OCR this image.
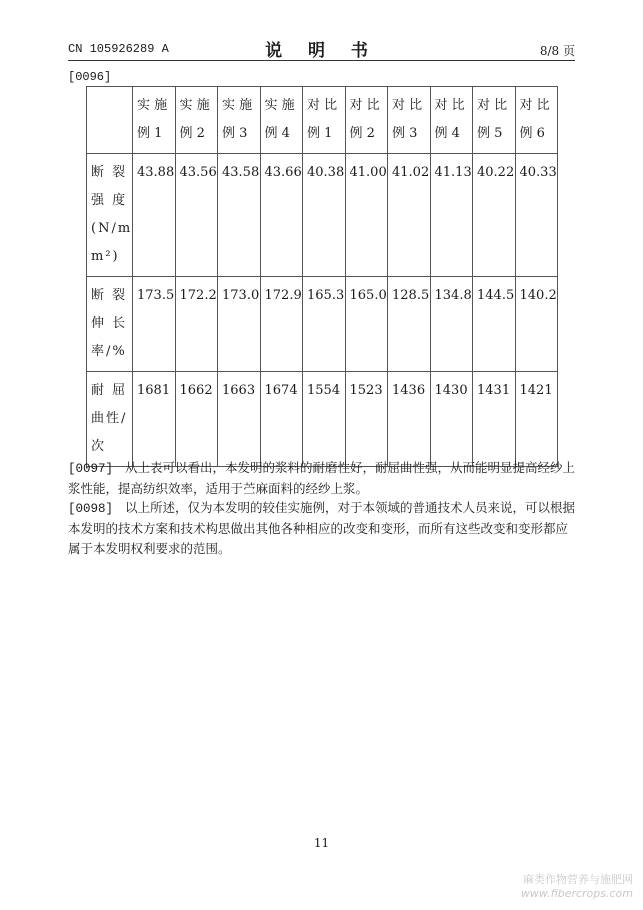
CN 105926289 A	说 明 书	8/8 页
[0096]

	实 施
例 1	实 施
例 2	实 施
例 3	实 施
例 4	对 比
例 1	对 比
例 2	对 比
例 3	对 比
例 4	对 比
例 5	对 比
例 6

断 裂
强 度
(N/m
m²)	43.88	43.56	43.58	43.66	40.38	41.00	41.02	41.13	40.22	40.33

断 裂
伸 长
率/%	173.5	172.2	173.0	172.9	165.3	165.0	128.5	134.8	144.5	140.2

耐 屈
曲性/
次	1681	1662	1663	1674	1554	1523	1436	1430	1431	1421
[0097] 从上表可以看出，本发明的浆料的耐磨性好，耐屈曲性强，从而能明显提高经纱上浆性能，提高纺织效率，适用于苎麻面料的经纱上浆。
[0098] 以上所述，仅为本发明的较佳实施例，对于本领域的普通技术人员来说，可以根据本发明的技术方案和技术构思做出其他各种相应的改变和变形，而所有这些改变和变形都应属于本发明权利要求的范围。
11
麻类作物营养与施肥网
www.fibercrops.com
